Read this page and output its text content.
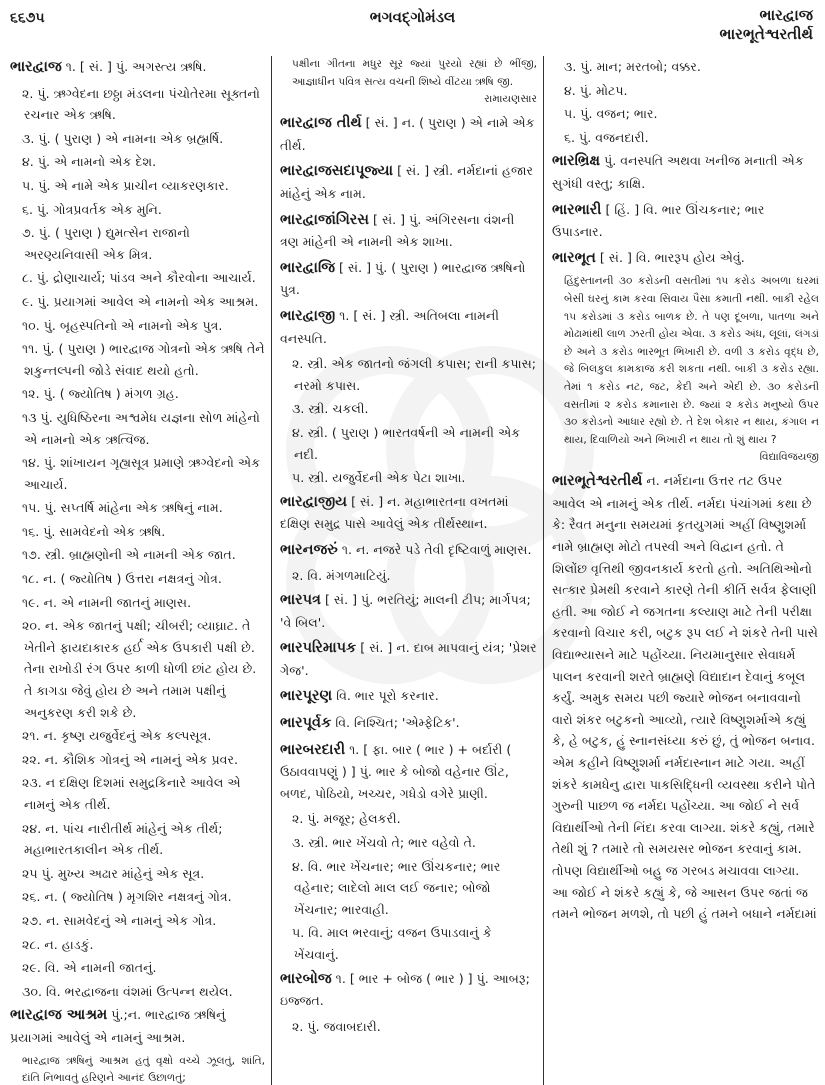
૬૬૭૫	ભગવદ્ગોમંડલ	ભારદ્વાજ
ભારભૂતેશ્વરતીર્થ
ભારદ્વાજ ૧. [ સં. ] પું. અગસ્ત્ય ઋષિ.
૨. પું. ઋગ્વેદના છઠ્ઠા મંડલના પંચોતેરમા સૂક્તનો રચનાર એક ઋષિ.
૩. પું. ( પુરાણ ) એ નામના એક બ્રહ્મર્ષિ.
૪. પું. એ નામનો એક દેશ.
૫. પું. એ નામે એક પ્રાચીન વ્યાકરણકાર.
૬. પું. ગોત્રપ્રવર્તક એક મુનિ.
૭. પું. ( પુરાણ ) દ્યુમત્સેન રાજાનો અરણ્યનિવાસી એક મિત્ર.
૮. પું. દ્રોણાચાર્ય; પાંડવ અને કૌરવોના આચાર્ય.
૯. પું. પ્રયાગમાં આવેલ એ નામનો એક આશ્રમ.
૧૦. પું. બૃહસ્પતિનો એ નામનો એક પુત્ર.
૧૧. પું. ( પુરાણ ) ભારદ્વાજ ગોત્રનો એક ઋષિ તેને શકુન્તલ્પની જોડે સંવાદ થયો હતો.
૧૨. પું. ( જ્યોતિષ ) મંગળ ગ્રહ.
૧૩ પું. યુધિષ્ઠિરના અશ્વમેધ યજ્ઞના સોળ માંહેનો એ નામનો એક ઋત્વિજ.
૧૪. પું. શાંખાયન ગૃહ્યસૂત્ર પ્રમાણે ઋગ્વેદનો એક આચાર્ય.
૧૫. પું. સપ્તર્ષિ માંહેના એક ઋષિનું નામ.
૧૬. પું. સામવેદનો એક ઋષિ.
૧૭. સ્ત્રી. બ્રાહ્મણોની એ નામની એક જાત.
૧૮. ન. ( જ્યોતિષ ) ઉત્તરા નક્ષત્રનું ગોત્ર.
૧૯. ન. એ નામની જાતનું માણસ.
૨૦. ન. એક જાતનું પક્ષી; ચીબરી; વ્યાઘ્રાટ. તે ખેતીને ફાયદાકારક હર્ઈ એક ઉપકારી પક્ષી છે. તેના રાખોડી રંગ ઉપર કાળી ધોળી છાંટ હોય છે. તે કાગડા જેવું હોય છે અને તમામ પક્ષીનું અનુકરણ કરી શકે છે.
૨૧. ન. કૃષ્ણ યજુર્વેદનું એક કલ્પસૂત્ર.
૨૨. ન. કૌશિક ગોત્રનું એ નામનું એક પ્રવર.
૨૩. ન દક્ષિણ દિશમાં સમુદ્રકિનારે આવેલ એ નામનું એક તીર્થ.
૨૪. ન. પાંચ નારીતીર્થ માંહેનું એક તીર્થ; મહાભારતકાલીન એક તીર્થ.
૨૫ પું. મુખ્ય અઢાર માંહેનું એક સૂત્ર.
૨૬. ન. ( જ્યોતિષ ) મૃગશિર નક્ષત્રનું ગોત્ર.
૨૭. ન. સામવેદનું એ નામનું એક ગોત્ર.
૨૮. ન. હાડકું.
૨૯. વિ. એ નામની જાતનું.
૩૦. વિ. ભરદ્વાજના વંશમાં ઉત્પન્ન થયેલ.
ભારદ્વાજ આશ્રમ પું.;ન. ભારદ્વાજ ઋષિનું પ્રયાગમાં આવેલું એ નામનું આશ્રમ.
ભારદ્વાજ ઋષિનું આશ્રમ હતું વૃક્ષો વચ્ચે ઝૂલતું, શાંતિ, દાંતિ નિભાવતું હરિણને આનંદ ઉછાળતું;
પક્ષીના ગીતના મધુર સૂર જ્યાં પુરયો રહ્યાં છે ભીંજી, આજ્ઞાધીન પવિત્ર સત્ય વચની શિષ્યે વીંટયા ઋષિ જી.
રામાયણસાર
ભારદ્વાજ તીર્થ [ સં. ] ન. ( પુરાણ ) એ નામે એક તીર્થ.
ભારદ્વાજસદાપૂજ્યા [ સં. ] સ્ત્રી. નર્મદાનાં હજાર માંહેનું એક નામ.
ભારદ્વાજાંગિરસ [ સં. ] પું. અંગિરસના વંશની ત્રણ માંહેની એ નામની એક શાખા.
ભારદ્વાજિ [ સં. ] પું. ( પુરાણ ) ભારદ્વાજ ઋષિનો પુત્ર.
ભારદ્વાજી ૧. [ સં. ] સ્ત્રી. અતિબલા નામની વનસ્પતિ.
૨. સ્ત્રી. એક જાતનો જંગલી કપાસ; રાની કપાસ; નરમો કપાસ.
૩. સ્ત્રી. ચકલી.
૪. સ્ત્રી. ( પુરાણ ) ભારતવર્ષની એ નામની એક નદી.
૫. સ્ત્રી. યજુર્વેદની એક પેટા શાખા.
ભારદ્વાજીય [ સં. ] ન. મહાભારતના વખતમાં દક્ષિણ સમુદ્ર પાસે આવેલું એક તીર્થસ્થાન.
ભારનજરું ૧. ન. નજરે પડે તેવી દૃષ્ટિવાળું માણસ.
૨. વિ. મંગળમાટિયું.
ભારપત્ર [ સં. ] પું. ભરતિયું; માલની ટીપ; માર્ગપત્ર; 'વે બિલ'.
ભારપરિમાપક [ સં. ] ન. દાબ માપવાનું યંત્ર; 'પ્રેશર ગેજ'.
ભારપૂરણ વિ. ભાર પૂરો કરનાર.
ભારપૂર્વક વિ. નિશ્ચિત; 'એમ્ફેટિક'.
ભારબરદારી ૧. [ ફા. બાર ( ભાર ) + બર્દારી ( ઉઠાવવાપણું ) ] પું. ભાર કે બોજો વહેનાર ઊંટ, બળદ, પોઠિયો, ખચ્ચર, ગધેડો વગેરે પ્રાણી.
૨. પું. મજૂર; હેલકરી.
૩. સ્ત્રી. ભાર ખેંચવો તે; ભાર વહેવો તે.
૪. વિ. ભાર ખેંચનાર; ભાર ઊંચકનાર; ભાર વહેનાર; લાદેલો માલ લઈ જનાર; બોજો ખેંચનાર; ભારવાહી.
૫. વિ. માલ ભરવાનું; વજન ઉપાડવાનું કે ખેંચવાનું.
ભારબોજ ૧. [ ભાર + બોજ ( ભાર ) ] પું. આબરૂ; ઇજ્જત.
૨. પું. જવાબદારી.
૩. પું. માન; મરતબો; વક્કર.
૪. પું. મોટપ.
૫. પું. વજન; ભાર.
૬. પું. વજનદારી.
ભારભ્રિક્ષ પું. વનસ્પતિ અથવા ખનીજ મનાતી એક સુગંધી વસ્તુ; કાક્ષિ.
ભારભારી [ હિં. ] વિ. ભાર ઊંચકનાર; ભાર ઉપાડનાર.
ભારભૂત [ સં. ] વિ. ભારરૂપ હોય એવું.
હિંદુસ્તાનની ૩૦ કરોડની વસતીમાં ૧૫ કરોડ અબળા ઘરમાં બેસી ઘરનું કામ કરવા સિવાય પૈસા કમાતી નથી. બાકી રહેલ ૧૫ કરોડમાં ૩ કરોડ બાળક છે. તે પણ દૂબળા, પાતળા અને મોઢામાંથી લાળ ઝરતી હોય એવા. ૩ કરોડ અંધ, લૂલાં, લંગડાં છે અને ૩ કરોડ ભારભૂત ભિખારી છે. વળી ૩ કરોડ વૃદ્ધ છે, જે બિલકુલ કામકાજ કરી શકતા નથી. બાકી ૩ કરોડ રહ્યા. તેમાં ૧ કરોડ નટ, જટ, કેદી અને એદી છે. ૩૦ કરોડની વસતીમાં ૨ કરોડ કમાનારા છે. જ્યાં ૨ કરોડ મનુષ્યો ઉપર ૩૦ કરોડનો આધાર રહ્યો છે. તે દેશ બેકાર ન થાય, કંગાલ ન થાય, દિવાળિયો અને ભિખારી ન થાય તો શું થાય ?
વિદ્યાવિજયજી
ભારભૂતેશ્વરતીર્થ ન. નર્મદાના ઉત્તર તટ ઉપર આવેલ એ નામનું એક તીર્થ. નર્મદા પંચાંગમાં કથા છે કે: રૈવત મનુના સમયમાં કૃતયુગમાં અહીં વિષ્ણુશર્મા નામે બ્રાહ્મણ મોટો તપસ્વી અને વિદ્વાન હતો. તે શિલોંછ વૃત્તિથી જીવનકાર્ય કરતો હતો. અતિથિઓનો સત્કાર પ્રેમથી કરવાને કારણે તેની કીર્તિ સર્વત્ર ફેલાણી હતી. આ જોઈ ને જગતના કલ્યાણ માટે તેની પરીક્ષા કરવાનો વિચાર કરી, બટુક રૂપ લઈ ને શંકરે તેની પાસે વિદ્યાભ્યાસને માટે પહોંચ્યા. નિયમાનુસાર સેવાધર્મ પાલન કરવાની શરતે બ્રાહ્મણે વિદ્યાદાન દેવાનું કબૂલ કર્યું. અમુક સમય પછી જ્યારે ભોજન બનાવવાનો વારો શંકર બટુકનો આવ્યો, ત્યારે વિષ્ણુશર્માએ કહ્યું કે, હે બટુક, હું સ્નાનસંધ્યા કરું છું, તું ભોજન બનાવ. એમ કહીને વિષ્ણુશર્મા નર્મદાસ્નાન માટે ગયા. અહીં શંકરે કામધેનુ દ્વારા પાકસિદ્ધિની વ્યવસ્થા કરીને પોતે ગુરુની પાછળ જ નર્મદા પહોંચ્યા. આ જોઈ ને સર્વ વિદ્યાર્થીઓ તેની નિંદા કરવા લાગ્યા. શંકરે કહ્યું, તમારે તેથી શું ? તમારે તો સમયસર ભોજન કરવાનું કામ. તોપણ વિદ્યાર્થીઓ બહુ જ ગરબડ મચાવવા લાગ્યા. આ જોઈ ને શંકરે કહ્યું કે, જે આસન ઉપર જતાં જ તમને ભોજન મળશે, તો પછી હું તમને બધાને નર્મદામાં
